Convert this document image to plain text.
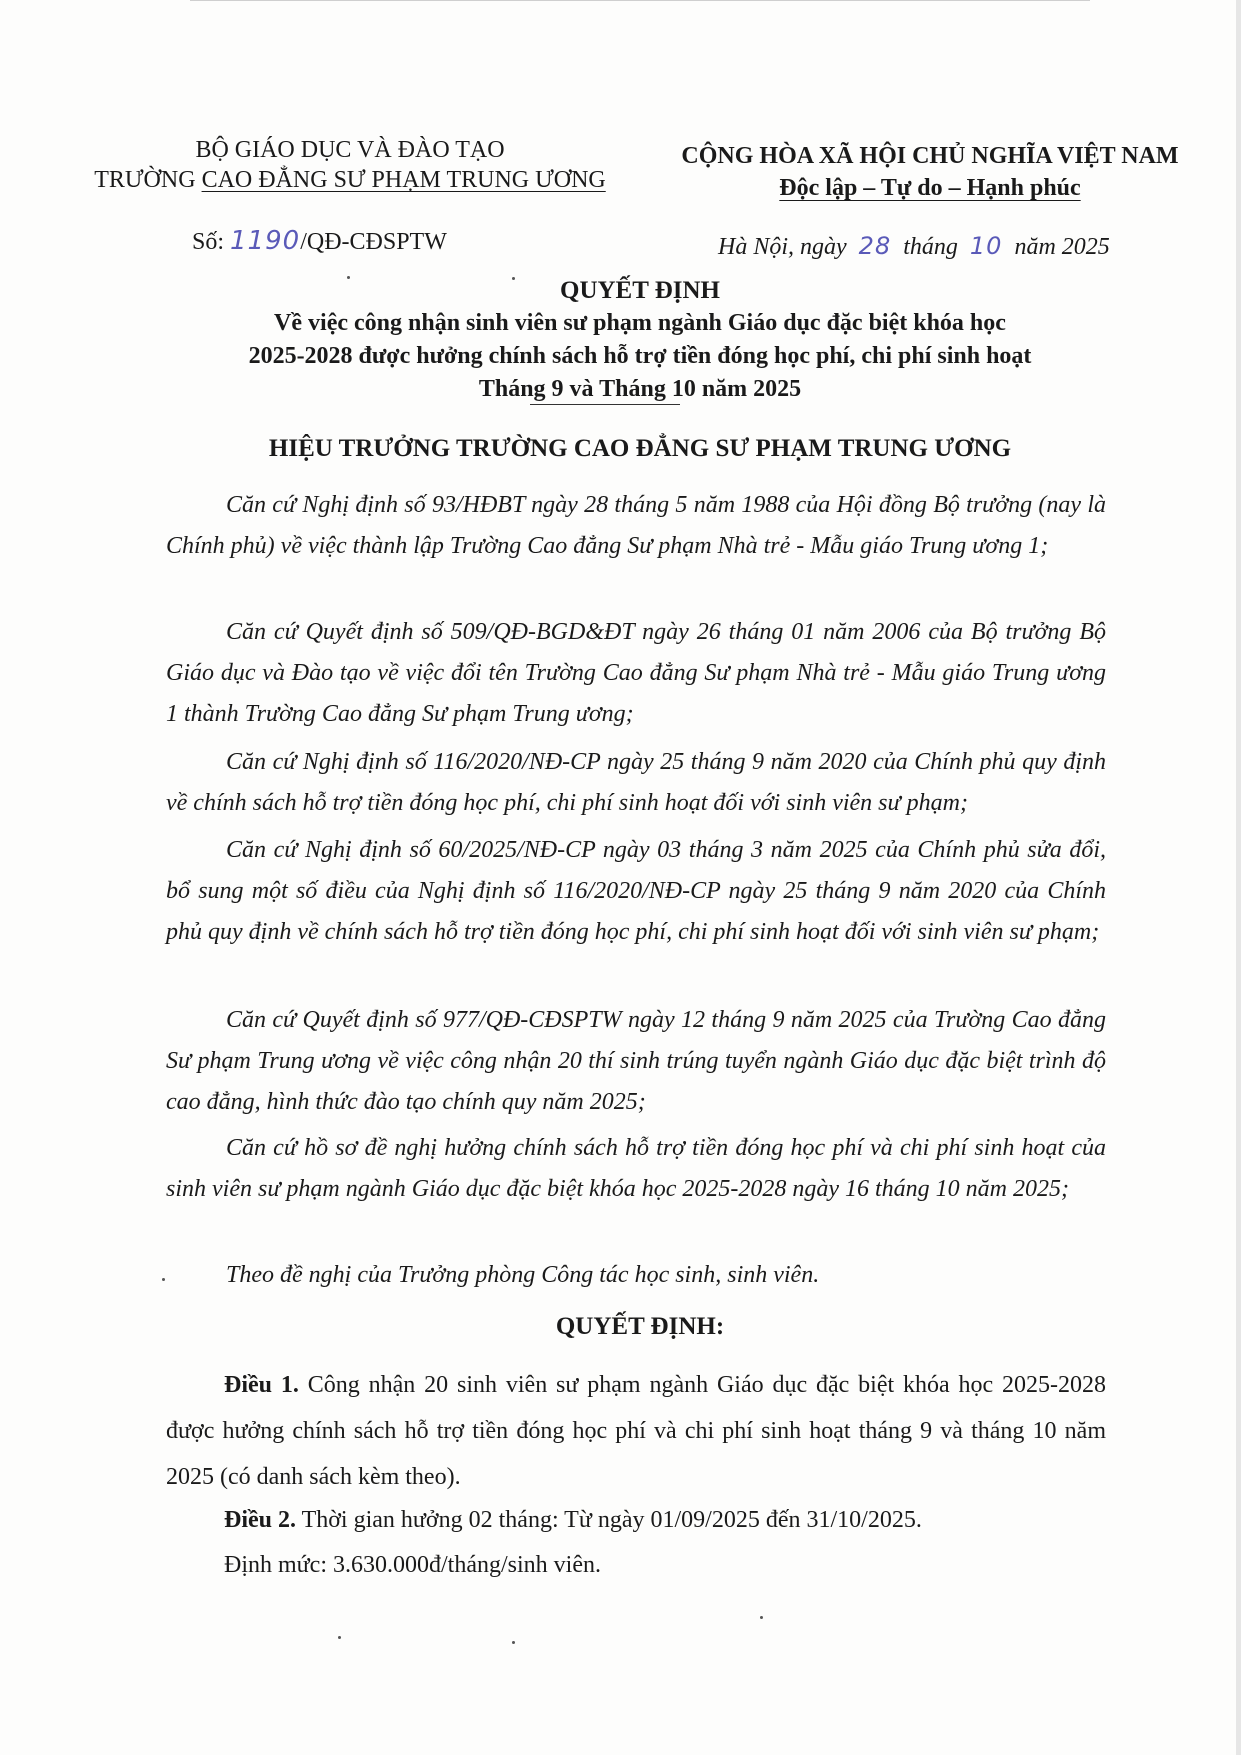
BỘ GIÁO DỤC VÀ ĐÀO TẠO
TRƯỜNG CAO ĐẲNG SƯ PHẠM TRUNG ƯƠNG
CỘNG HÒA XÃ HỘI CHỦ NGHĨA VIỆT NAM
Độc lập – Tự do – Hạnh phúc
Số: 1190/QĐ-CĐSPTW	Hà Nội, ngày 28 tháng 10 năm 2025
QUYẾT ĐỊNH
Về việc công nhận sinh viên sư phạm ngành Giáo dục đặc biệt khóa học
2025-2028 được hưởng chính sách hỗ trợ tiền đóng học phí, chi phí sinh hoạt
Tháng 9 và Tháng 10 năm 2025
HIỆU TRƯỞNG TRƯỜNG CAO ĐẲNG SƯ PHẠM TRUNG ƯƠNG
Căn cứ Nghị định số 93/HĐBT ngày 28 tháng 5 năm 1988 của Hội đồng Bộ trưởng (nay là Chính phủ) về việc thành lập Trường Cao đẳng Sư phạm Nhà trẻ - Mẫu giáo Trung ương 1;
Căn cứ Quyết định số 509/QĐ-BGD&ĐT ngày 26 tháng 01 năm 2006 của Bộ trưởng Bộ Giáo dục và Đào tạo về việc đổi tên Trường Cao đẳng Sư phạm Nhà trẻ - Mẫu giáo Trung ương 1 thành Trường Cao đẳng Sư phạm Trung ương;
Căn cứ Nghị định số 116/2020/NĐ-CP ngày 25 tháng 9 năm 2020 của Chính phủ quy định về chính sách hỗ trợ tiền đóng học phí, chi phí sinh hoạt đối với sinh viên sư phạm;
Căn cứ Nghị định số 60/2025/NĐ-CP ngày 03 tháng 3 năm 2025 của Chính phủ sửa đổi, bổ sung một số điều của Nghị định số 116/2020/NĐ-CP ngày 25 tháng 9 năm 2020 của Chính phủ quy định về chính sách hỗ trợ tiền đóng học phí, chi phí sinh hoạt đối với sinh viên sư phạm;
Căn cứ Quyết định số 977/QĐ-CĐSPTW ngày 12 tháng 9 năm 2025 của Trường Cao đẳng Sư phạm Trung ương về việc công nhận 20 thí sinh trúng tuyển ngành Giáo dục đặc biệt trình độ cao đẳng, hình thức đào tạo chính quy năm 2025;
Căn cứ hồ sơ đề nghị hưởng chính sách hỗ trợ tiền đóng học phí và chi phí sinh hoạt của sinh viên sư phạm ngành Giáo dục đặc biệt khóa học 2025-2028 ngày 16 tháng 10 năm 2025;
Theo đề nghị của Trưởng phòng Công tác học sinh, sinh viên.
QUYẾT ĐỊNH:
Điều 1. Công nhận 20 sinh viên sư phạm ngành Giáo dục đặc biệt khóa học 2025-2028 được hưởng chính sách hỗ trợ tiền đóng học phí và chi phí sinh hoạt tháng 9 và tháng 10 năm 2025 (có danh sách kèm theo).
Điều 2. Thời gian hưởng 02 tháng: Từ ngày 01/09/2025 đến 31/10/2025.
Định mức: 3.630.000đ/tháng/sinh viên.
